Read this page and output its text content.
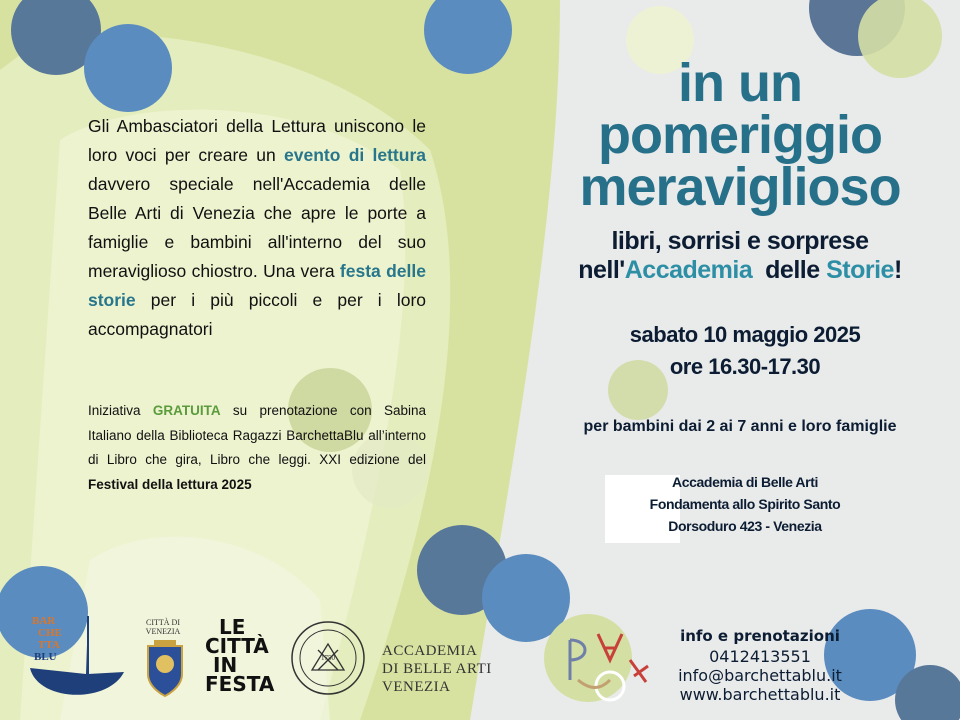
Gli Ambasciatori della Lettura uniscono le loro voci per creare un evento di lettura davvero speciale nell'Accademia delle Belle Arti di Venezia che apre le porte a famiglie e bambini all'interno del suo meraviglioso chiostro. Una vera festa delle storie per i più piccoli e per i loro accompagnatori
Iniziativa GRATUITA su prenotazione con Sabina Italiano della Biblioteca Ragazzi BarchettaBlu all’interno di Libro che gira, Libro che leggi. XXI edizione del Festival della lettura 2025
in un
pomeriggio
meraviglioso
libri, sorrisi e sorprese
nell'Accademia  delle Storie!
sabato 10 maggio 2025
ore 16.30-17.30
per bambini dai 2 ai 7 anni e loro famiglie
Accademia di Belle Arti
Fondamenta allo Spirito Santo
Dorsoduro 423 - Venezia
info e prenotazioni
0412413551
info@barchettablu.it
www.barchettablu.it
BAR
CHE
TTA
BLU
CITTÀ DI VENEZIA	LE
CITTÀ
IN
FESTA
1750	ACCADEMIA
DI BELLE ARTI
VENEZIA
